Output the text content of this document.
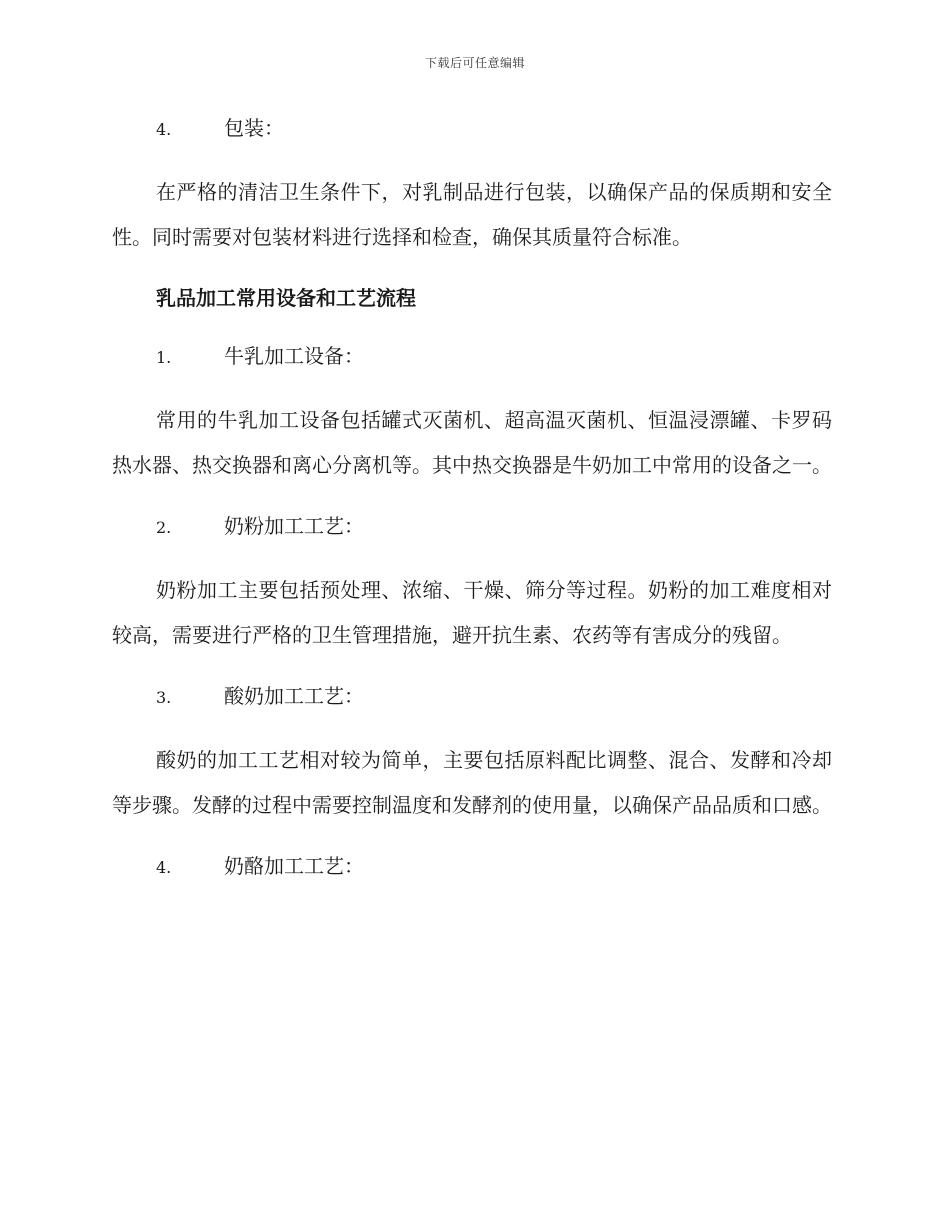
下载后可任意编辑
4.	包装：

在严格的清洁卫生条件下，对乳制品进行包装，以确保产品的保质期和安全性。同时需要对包装材料进行选择和检查，确保其质量符合标准。

乳品加工常用设备和工艺流程
1.	牛乳加工设备：

常用的牛乳加工设备包括罐式灭菌机、超高温灭菌机、恒温浸漂罐、卡罗码热水器、热交换器和离心分离机等。其中热交换器是牛奶加工中常用的设备之一。

2.	奶粉加工工艺：

奶粉加工主要包括预处理、浓缩、干燥、筛分等过程。奶粉的加工难度相对较高，需要进行严格的卫生管理措施，避开抗生素、农药等有害成分的残留。

3.	酸奶加工工艺：

酸奶的加工工艺相对较为简单，主要包括原料配比调整、混合、发酵和冷却等步骤。发酵的过程中需要控制温度和发酵剂的使用量，以确保产品品质和口感。

4.	奶酪加工工艺：
